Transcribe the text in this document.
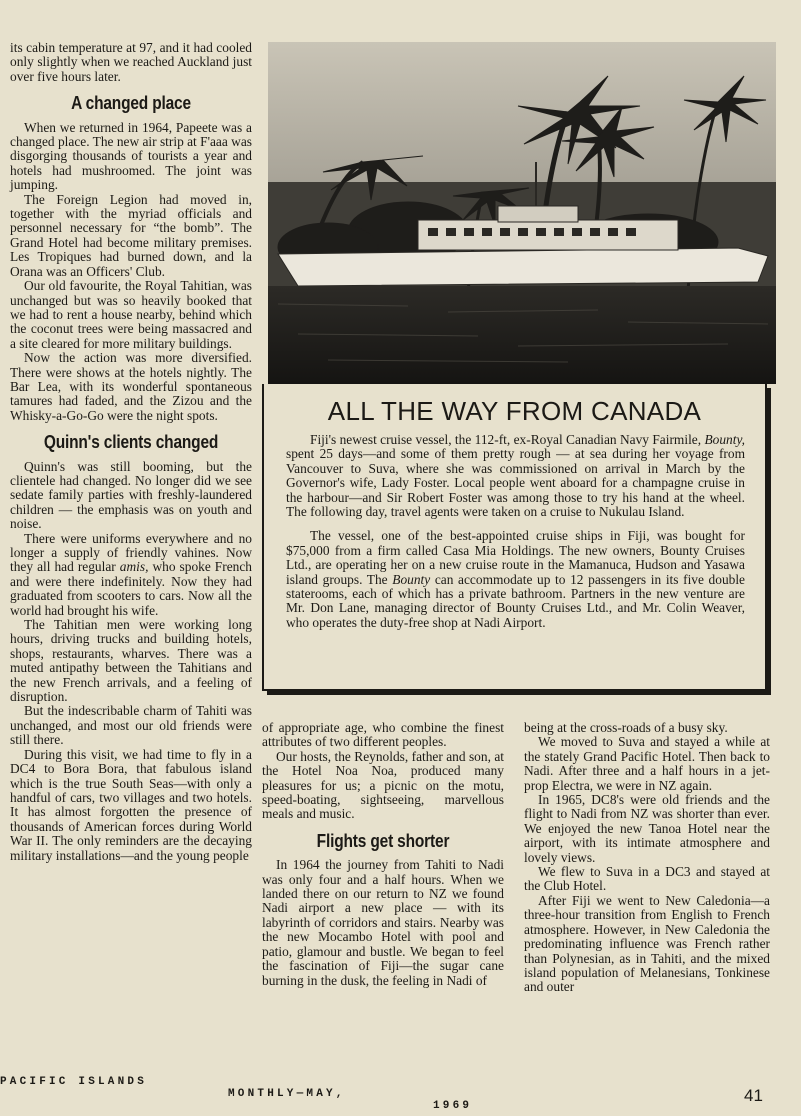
its cabin temperature at 97, and it had cooled only slightly when we reached Auckland just over five hours later.

A changed place

When we returned in 1964, Papeete was a changed place. The new air strip at F'aaa was disgorging thousands of tourists a year and hotels had mushroomed. The joint was jumping.

The Foreign Legion had moved in, together with the myriad officials and personnel necessary for “the bomb”. The Grand Hotel had become military premises. Les Tropiques had burned down, and la Orana was an Officers' Club.

Our old favourite, the Royal Tahitian, was unchanged but was so heavily booked that we had to rent a house nearby, behind which the coconut trees were being massacred and a site cleared for more military buildings.

Now the action was more diversified. There were shows at the hotels nightly. The Bar Lea, with its wonderful spontaneous tamures had faded, and the Zizou and the Whisky-a-Go-Go were the night spots.

Quinn's clients changed

Quinn's was still booming, but the clientele had changed. No longer did we see sedate family parties with freshly-laundered children — the emphasis was on youth and noise.

There were uniforms everywhere and no longer a supply of friendly vahines. Now they all had regular amis, who spoke French and were there indefinitely. Now they had graduated from scooters to cars. Now all the world had brought his wife.

The Tahitian men were working long hours, driving trucks and building hotels, shops, restaurants, wharves. There was a muted antipathy between the Tahitians and the new French arrivals, and a feeling of disruption.

But the indescribable charm of Tahiti was unchanged, and most our old friends were still there.

During this visit, we had time to fly in a DC4 to Bora Bora, that fabulous island which is the true South Seas—with only a handful of cars, two villages and two hotels. It has almost forgotten the presence of thousands of American forces during World War II. The only reminders are the decaying military installations—and the young people

ALL THE WAY FROM CANADA

Fiji's newest cruise vessel, the 112-ft, ex-Royal Canadian Navy Fairmile, Bounty, spent 25 days—and some of them pretty rough — at sea during her voyage from Vancouver to Suva, where she was commissioned on arrival in March by the Governor's wife, Lady Foster. Local people went aboard for a champagne cruise in the harbour—and Sir Robert Foster was among those to try his hand at the wheel. The following day, travel agents were taken on a cruise to Nukulau Island.

The vessel, one of the best-appointed cruise ships in Fiji, was bought for $75,000 from a firm called Casa Mia Holdings. The new owners, Bounty Cruises Ltd., are operating her on a new cruise route in the Mamanuca, Hudson and Yasawa island groups. The Bounty can accommodate up to 12 passengers in its five double staterooms, each of which has a private bathroom. Partners in the new venture are Mr. Don Lane, managing director of Bounty Cruises Ltd., and Mr. Colin Weaver, who operates the duty-free shop at Nadi Airport.

of appropriate age, who combine the finest attributes of two different peoples.

Our hosts, the Reynolds, father and son, at the Hotel Noa Noa, produced many pleasures for us; a picnic on the motu, speed-boating, sightseeing, marvellous meals and music.

Flights get shorter

In 1964 the journey from Tahiti to Nadi was only four and a half hours. When we landed there on our return to NZ we found Nadi airport a new place — with its labyrinth of corridors and stairs. Nearby was the new Mocambo Hotel with pool and patio, glamour and bustle. We began to feel the fascination of Fiji—the sugar cane burning in the dusk, the feeling in Nadi of

being at the cross-roads of a busy sky.

We moved to Suva and stayed a while at the stately Grand Pacific Hotel. Then back to Nadi. After three and a half hours in a jet-prop Electra, we were in NZ again.

In 1965, DC8's were old friends and the flight to Nadi from NZ was shorter than ever. We enjoyed the new Tanoa Hotel near the airport, with its intimate atmosphere and lovely views.

We flew to Suva in a DC3 and stayed at the Club Hotel.

After Fiji we went to New Caledonia—a three-hour transition from English to French atmosphere. However, in New Caledonia the predominating influence was French rather than Polynesian, as in Tahiti, and the mixed island population of Melanesians, Tonkinese and outer

PACIFIC ISLANDS

MONTHLY—MAY,

1969

41
